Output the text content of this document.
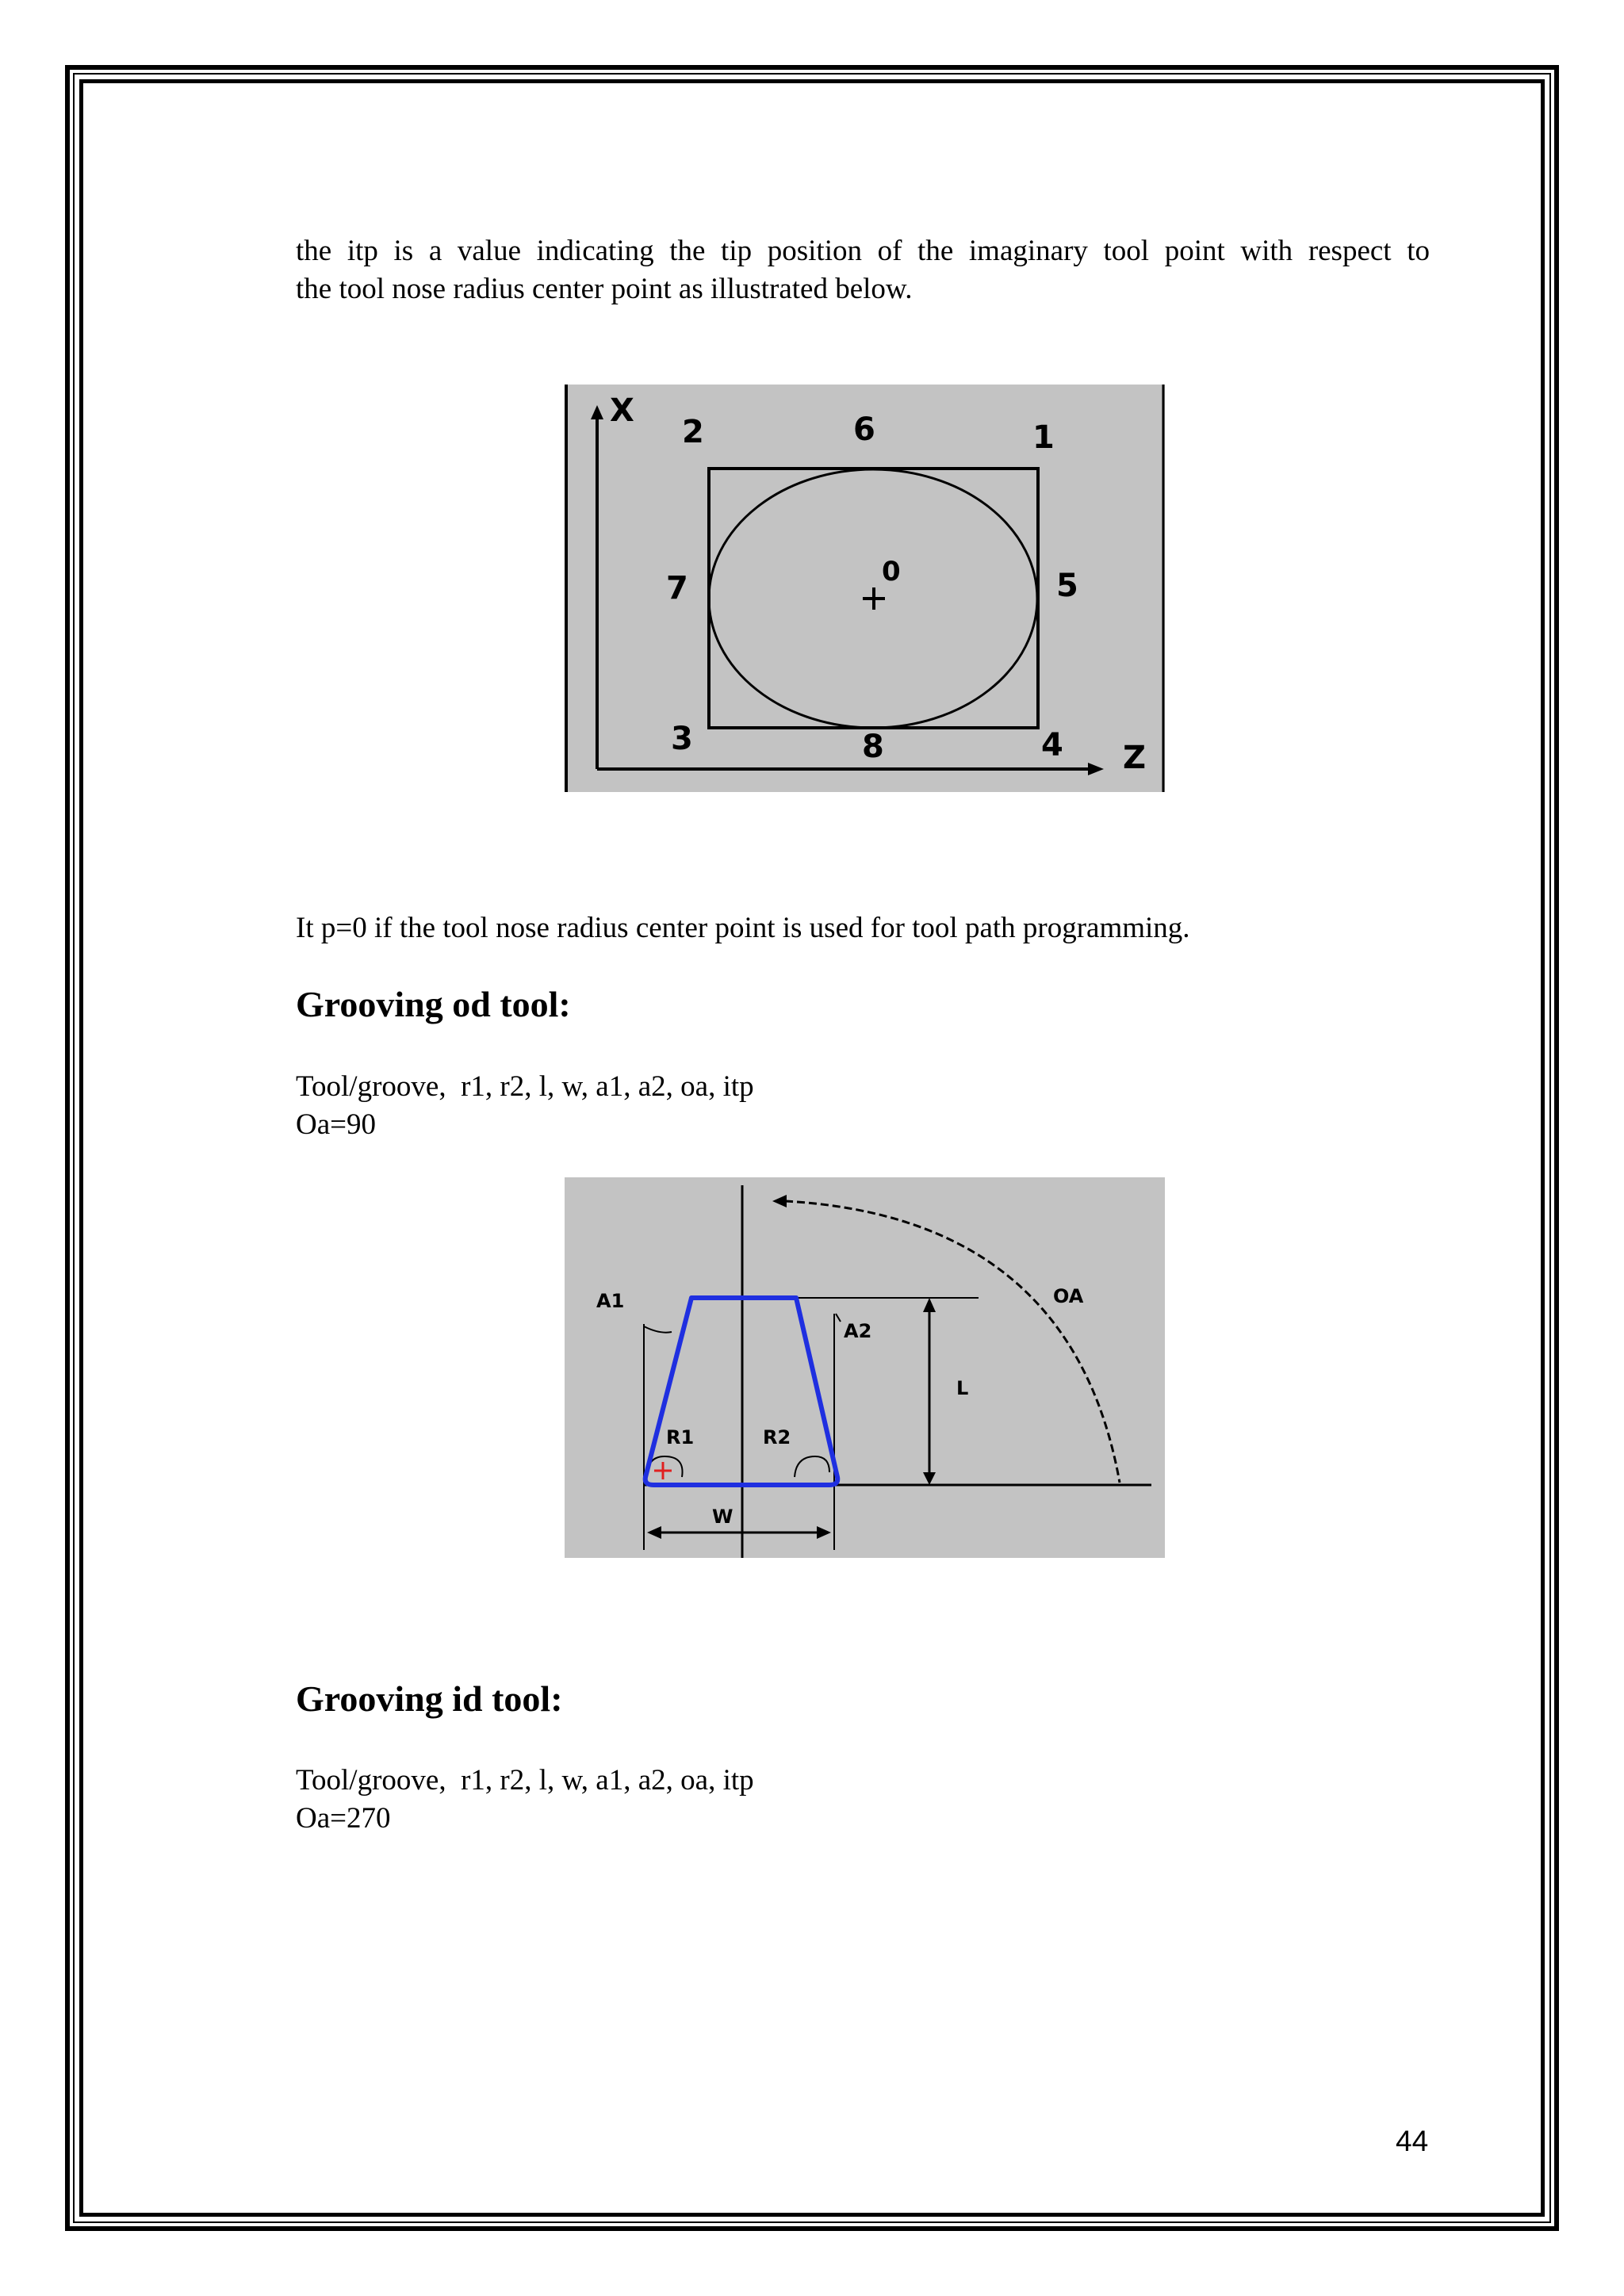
the itp is a value indicating the tip position of the imaginary tool point with respect to

the tool nose radius center point as illustrated below.

X
Z
2	6	1
7	0	5
3	8	4

It p=0 if the tool nose radius center point is used for tool path programming.

Grooving od tool:

Tool/groove,  r1, r2, l, w, a1, a2, oa, itp

Oa=90

A1
A2
OA
L
R1	R2
W

Grooving id tool:

Tool/groove,  r1, r2, l, w, a1, a2, oa, itp

Oa=270

44
